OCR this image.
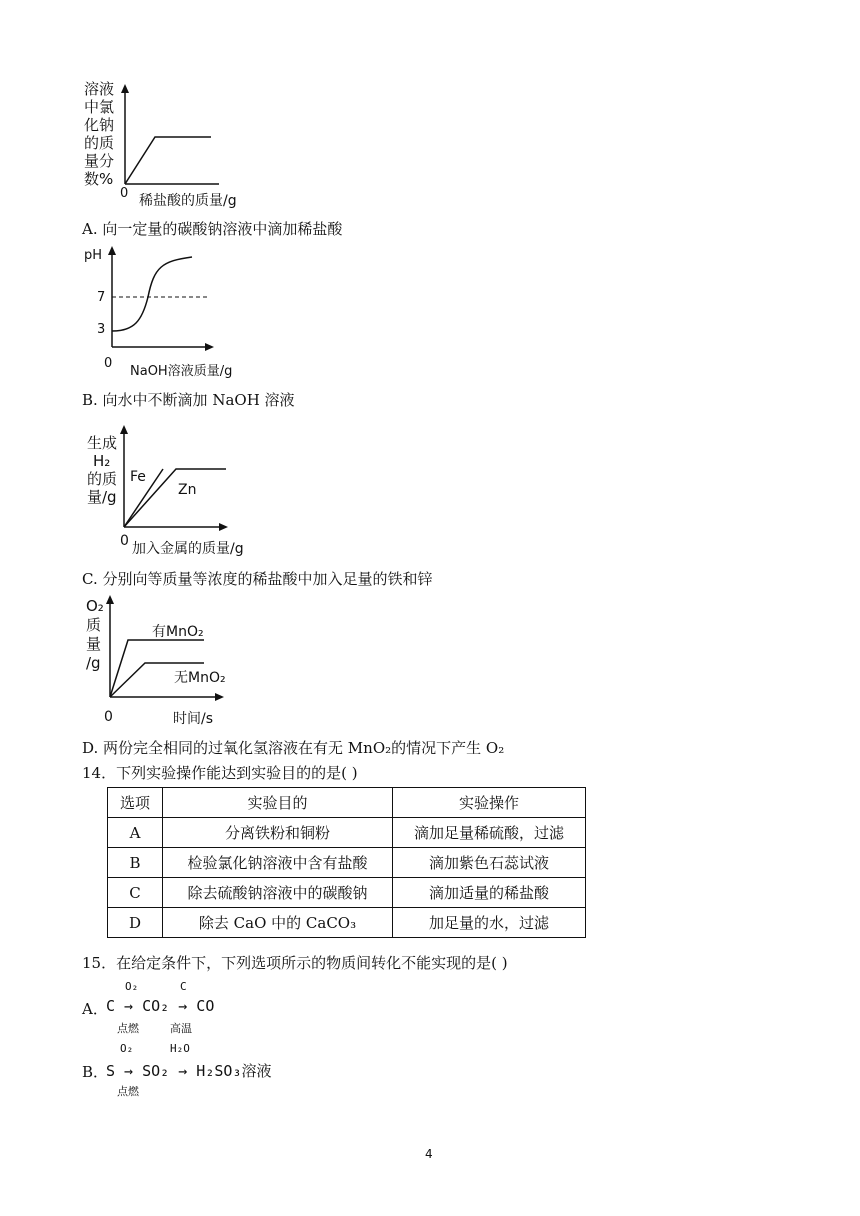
溶液
中氯
化钠
的质
量分
数%
0 稀盐酸的质量/g
A. 向一定量的碳酸钠溶液中滴加稀盐酸
pH
7
3
0
NaOH溶液质量/g
B. 向水中不断滴加 NaOH 溶液
生成
H₂
的质
量/g
Fe
Zn
0 加入金属的质量/g
C. 分别向等质量等浓度的稀盐酸中加入足量的铁和锌
O₂
质
量
/g
有MnO₂
无MnO₂
0	时间/s
D. 两份完全相同的过氧化氢溶液在有无 MnO₂的情况下产生 O₂
14．下列实验操作能达到实验目的的是( )
选项	实验目的	实验操作
A	分离铁粉和铜粉	滴加足量稀硫酸，过滤
B	检验氯化钠溶液中含有盐酸	滴加紫色石蕊试液
C	除去硫酸钠溶液中的碳酸钠	滴加适量的稀盐酸
D	除去 CaO 中的 CaCO₃	加足量的水，过滤
15．在给定条件下，下列选项所示的物质间转化不能实现的是( )
O₂	C
A．
C → CO₂ → CO
点燃	高温
O₂	H₂O
B．
S → SO₂ → H₂SO₃溶液
点燃
4
